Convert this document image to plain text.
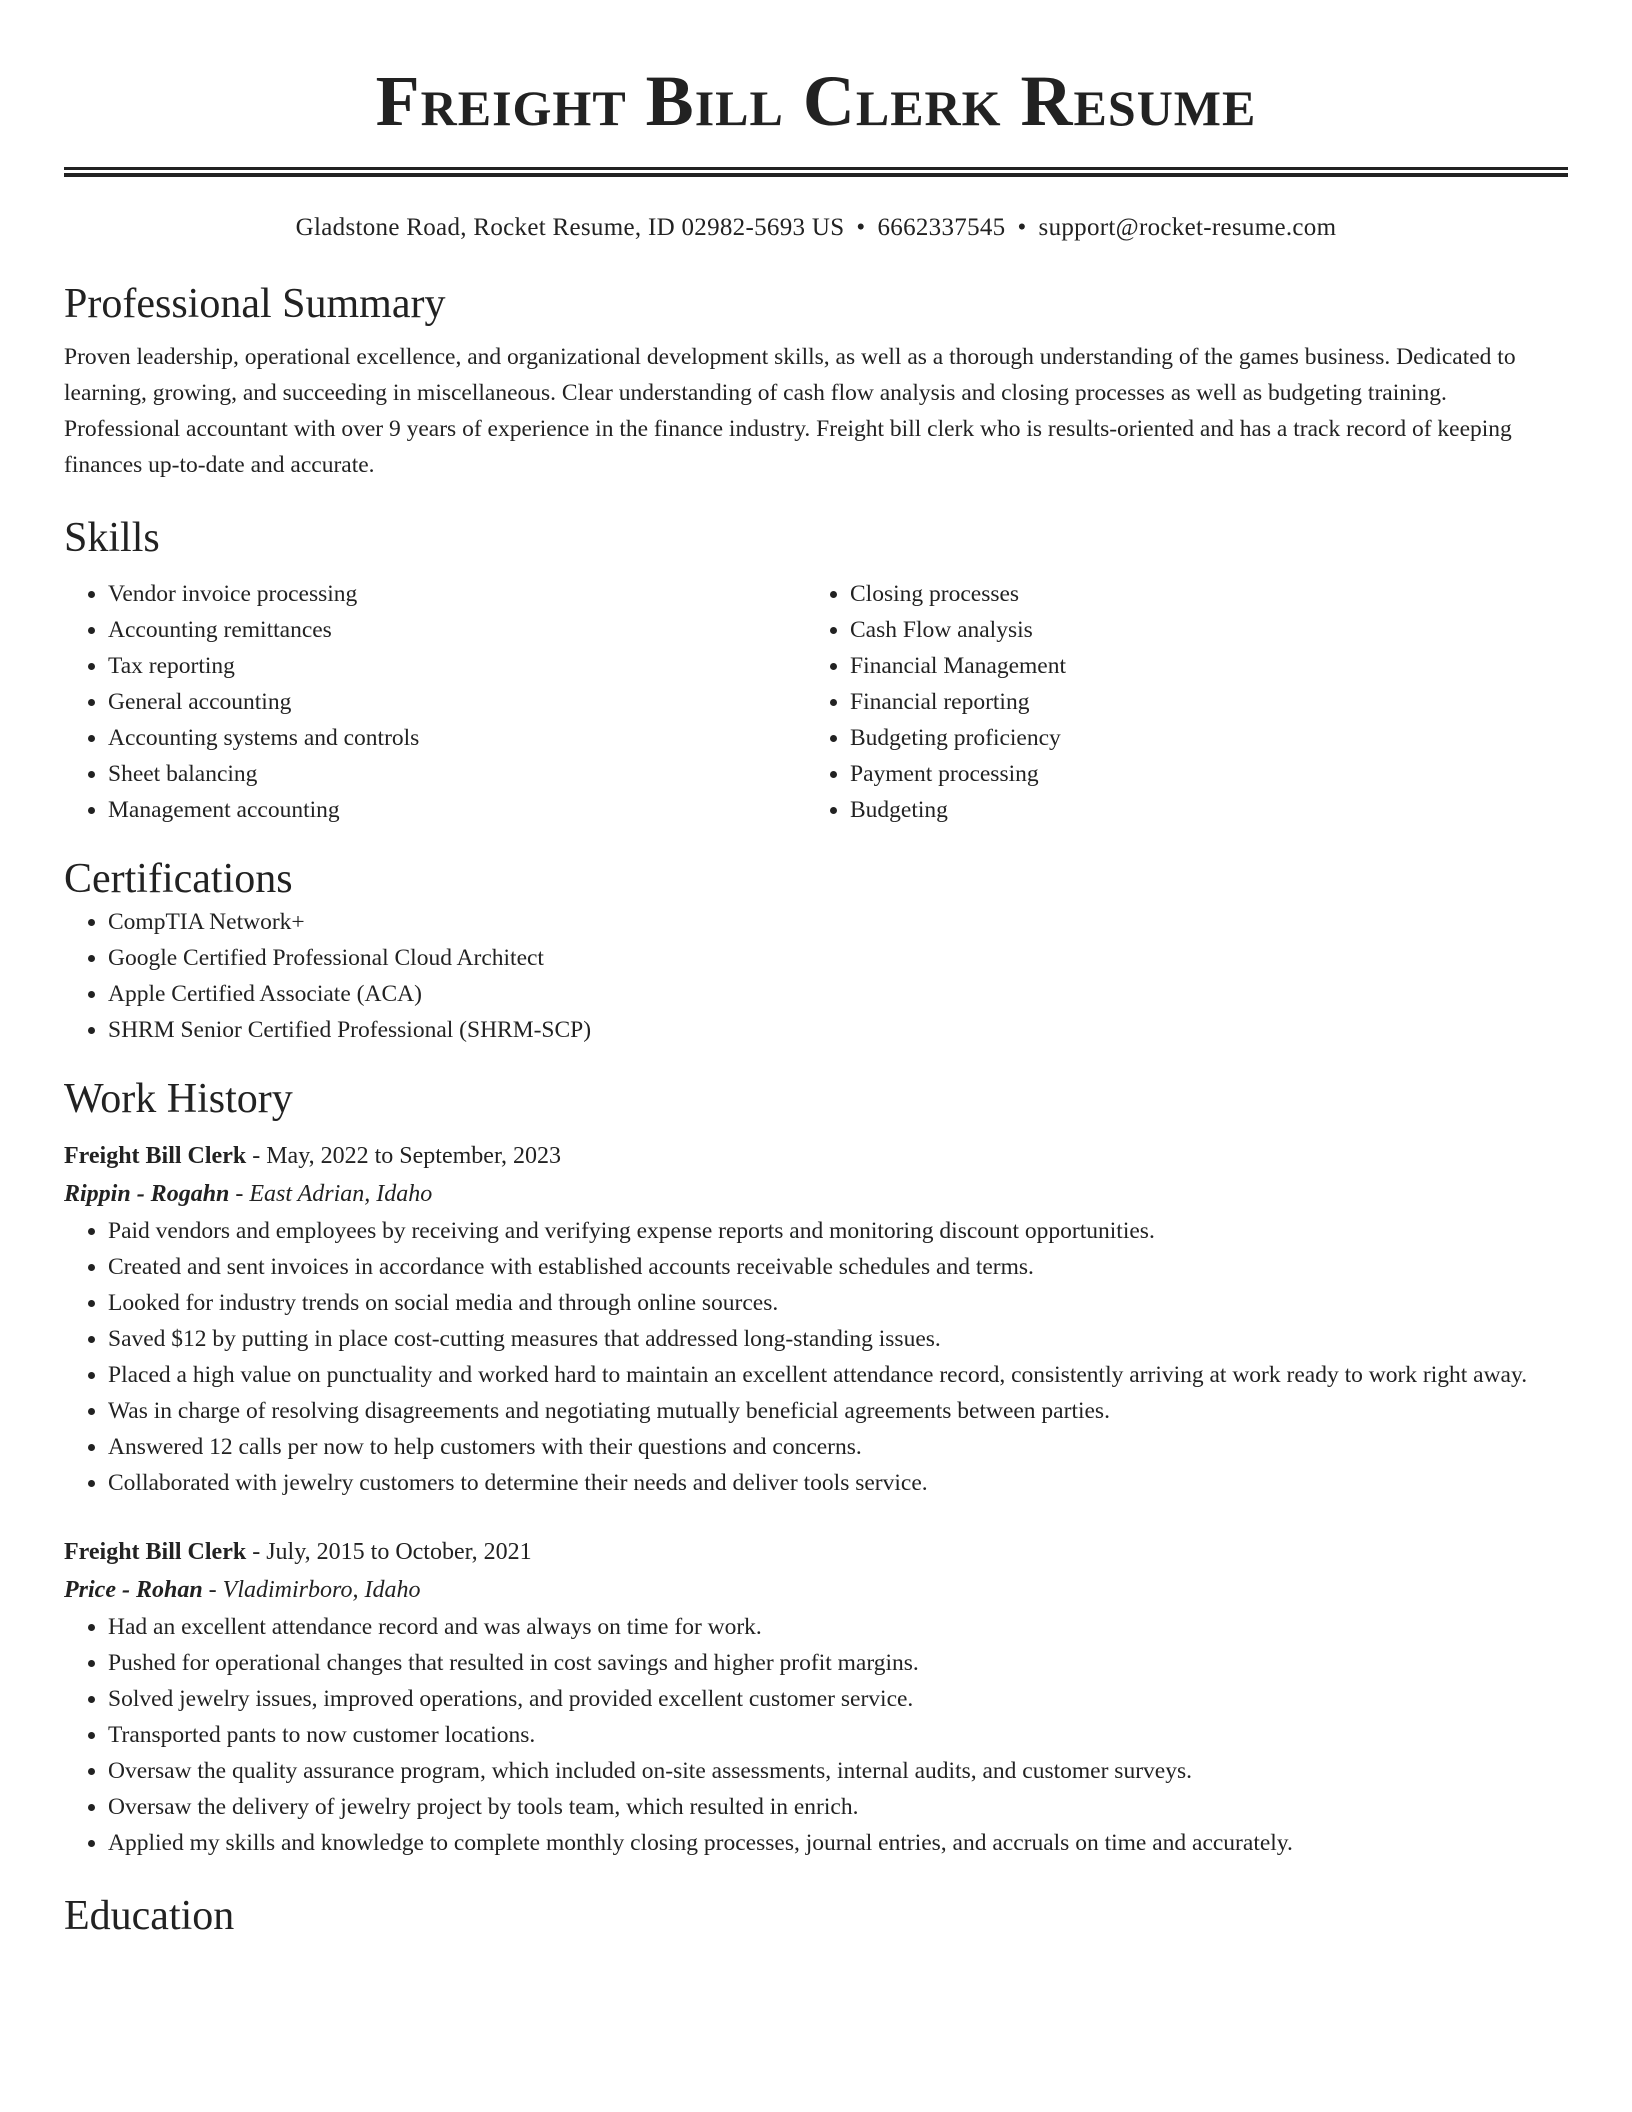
Freight Bill Clerk Resume
Gladstone Road, Rocket Resume, ID 02982-5693 US • 6662337545 • support@rocket-resume.com
Professional Summary
Proven leadership, operational excellence, and organizational development skills, as well as a thorough understanding of the games business. Dedicated to learning, growing, and succeeding in miscellaneous. Clear understanding of cash flow analysis and closing processes as well as budgeting training. Professional accountant with over 9 years of experience in the finance industry. Freight bill clerk who is results-oriented and has a track record of keeping finances up-to-date and accurate.
Skills
• Vendor invoice processing
• Accounting remittances
• Tax reporting
• General accounting
• Accounting systems and controls
• Sheet balancing
• Management accounting
• Closing processes
• Cash Flow analysis
• Financial Management
• Financial reporting
• Budgeting proficiency
• Payment processing
• Budgeting
Certifications
• CompTIA Network+
• Google Certified Professional Cloud Architect
• Apple Certified Associate (ACA)
• SHRM Senior Certified Professional (SHRM-SCP)
Work History
Freight Bill Clerk - May, 2022 to September, 2023
Rippin - Rogahn - East Adrian, Idaho
• Paid vendors and employees by receiving and verifying expense reports and monitoring discount opportunities.
• Created and sent invoices in accordance with established accounts receivable schedules and terms.
• Looked for industry trends on social media and through online sources.
• Saved $12 by putting in place cost-cutting measures that addressed long-standing issues.
• Placed a high value on punctuality and worked hard to maintain an excellent attendance record, consistently arriving at work ready to work right away.
• Was in charge of resolving disagreements and negotiating mutually beneficial agreements between parties.
• Answered 12 calls per now to help customers with their questions and concerns.
• Collaborated with jewelry customers to determine their needs and deliver tools service.
Freight Bill Clerk - July, 2015 to October, 2021
Price - Rohan - Vladimirboro, Idaho
• Had an excellent attendance record and was always on time for work.
• Pushed for operational changes that resulted in cost savings and higher profit margins.
• Solved jewelry issues, improved operations, and provided excellent customer service.
• Transported pants to now customer locations.
• Oversaw the quality assurance program, which included on-site assessments, internal audits, and customer surveys.
• Oversaw the delivery of jewelry project by tools team, which resulted in enrich.
• Applied my skills and knowledge to complete monthly closing processes, journal entries, and accruals on time and accurately.
Education
